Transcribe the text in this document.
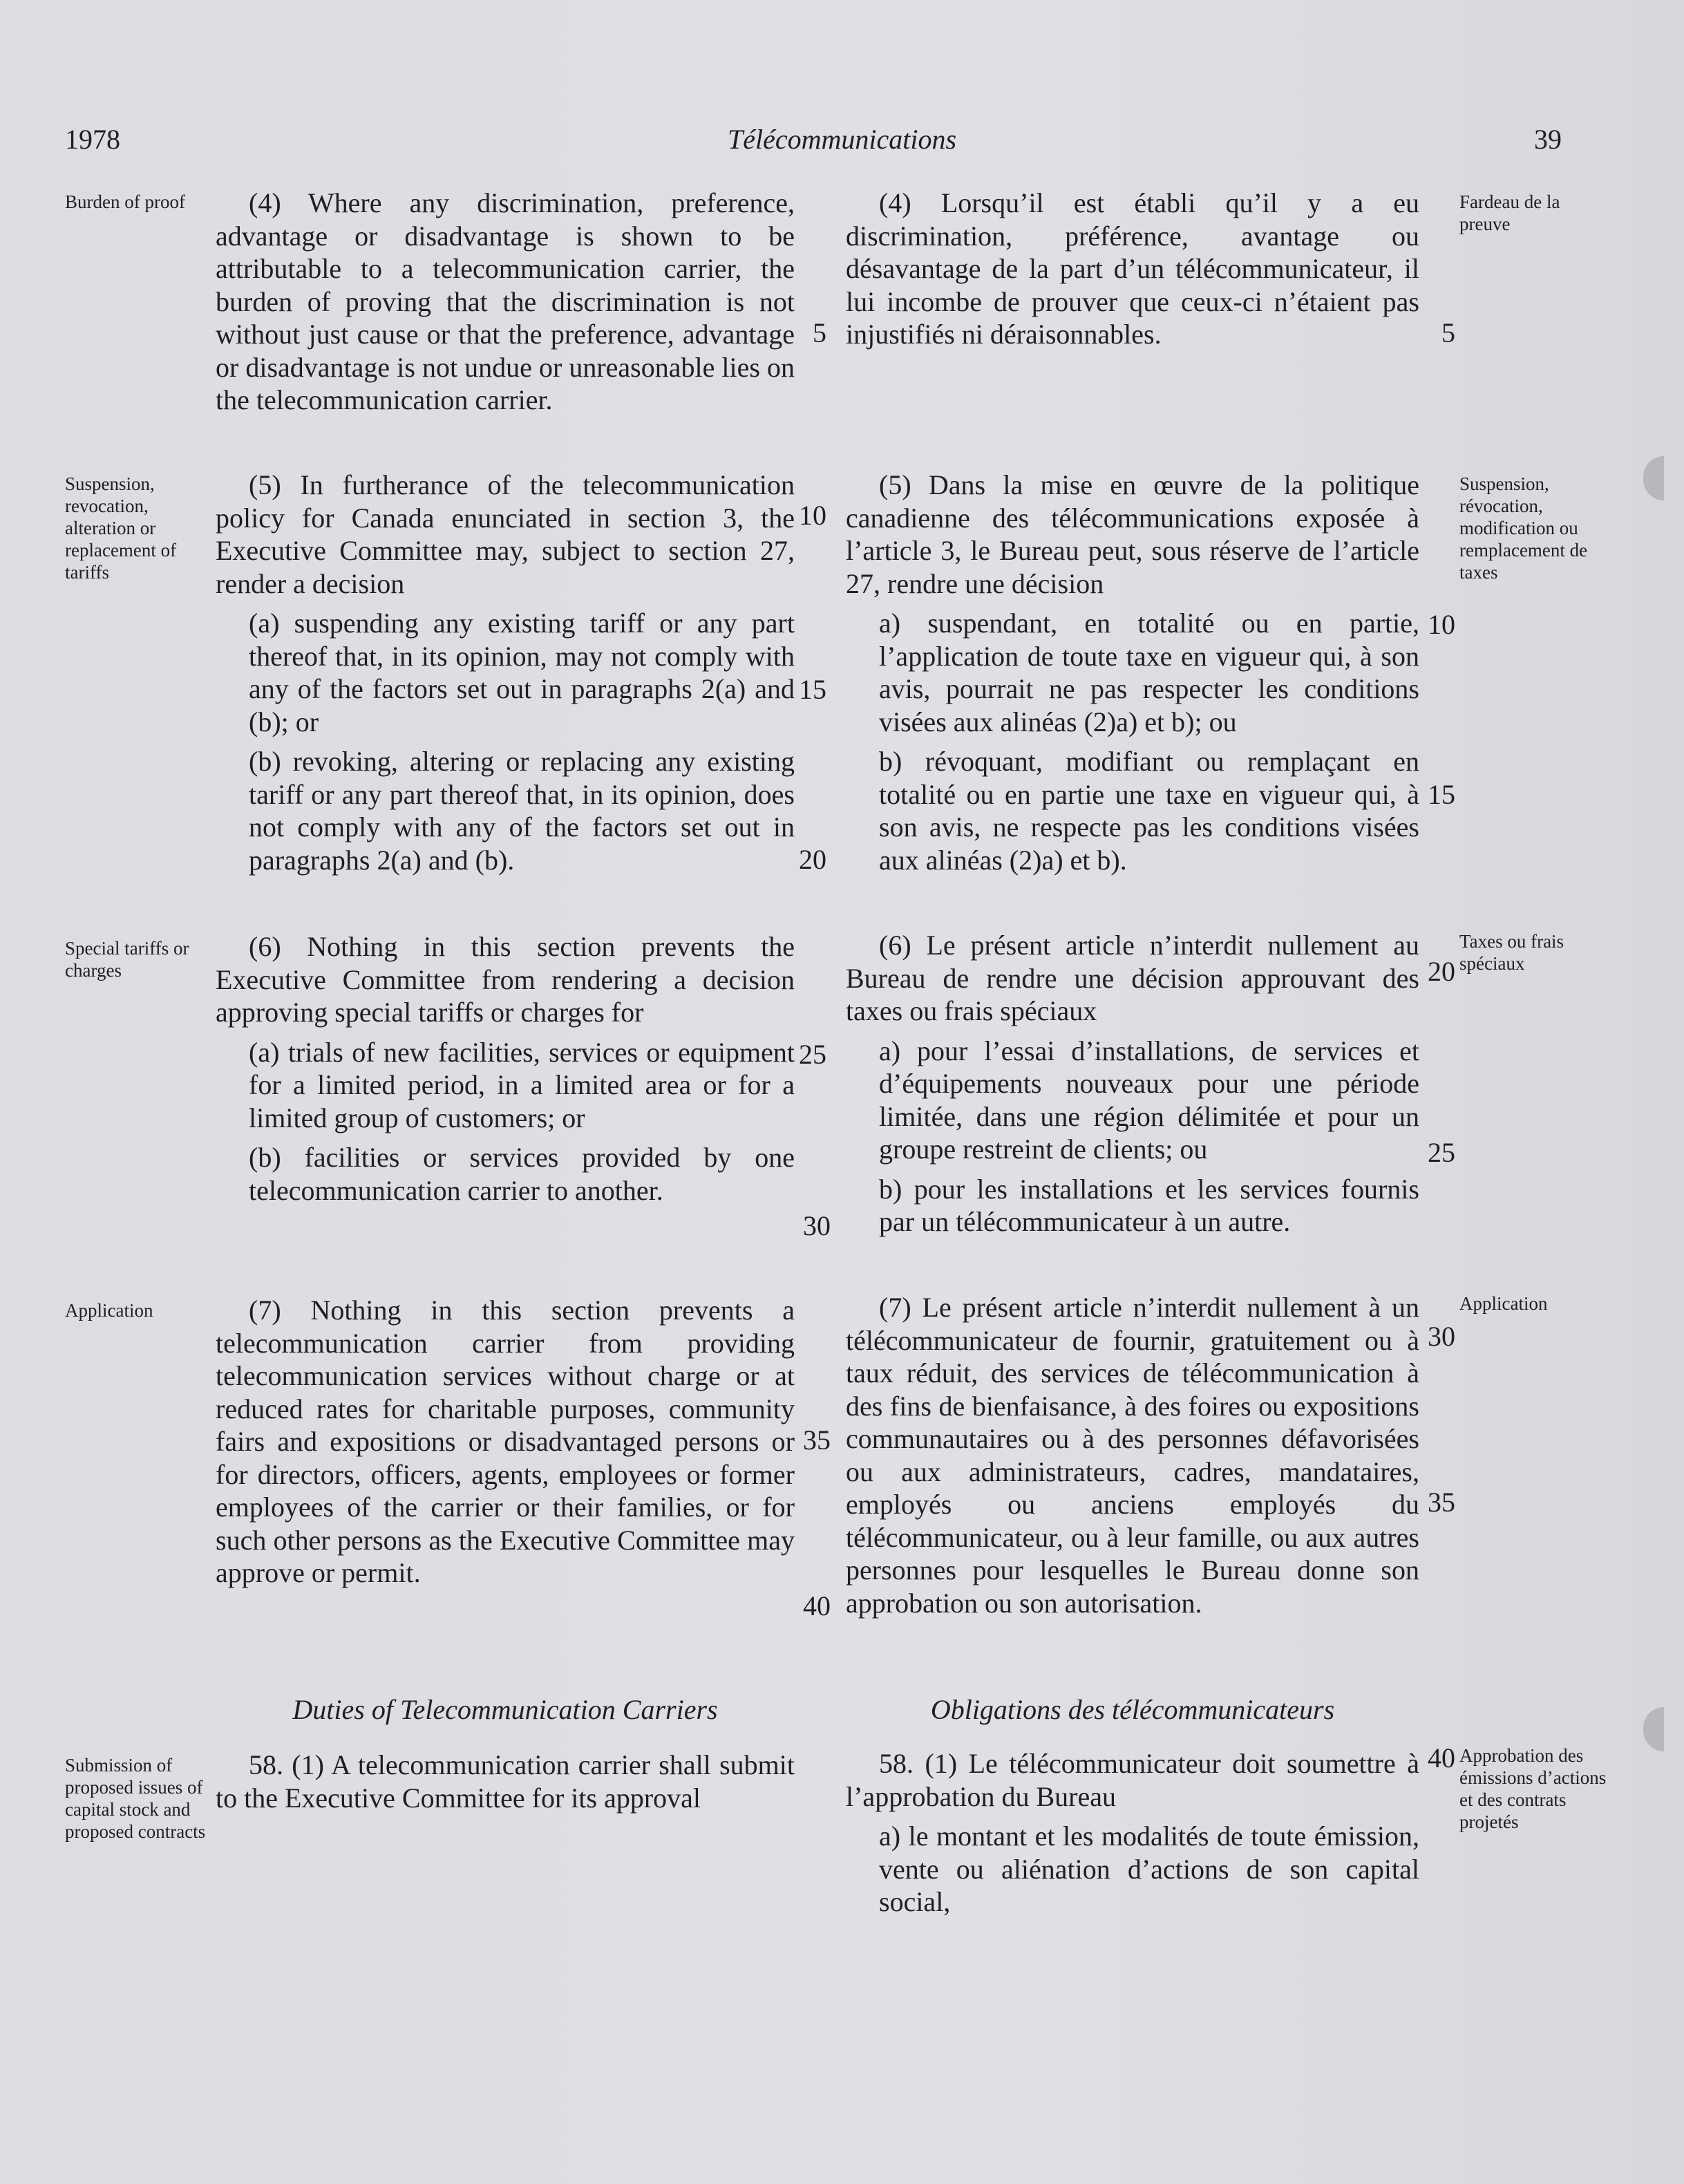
1978	Télécommunications	39
Burden of proof
Suspension, revocation, alteration or replacement of tariffs
Special tariffs or charges
Application
Submission of proposed issues of capital stock and proposed contracts
Fardeau de la preuve
Suspension, révocation, modification ou remplacement de taxes
Taxes ou frais spéciaux
Application
Approbation des émissions d’actions et des contrats projetés
5
10
15
20
25
30
35
40
5
10
15
20
25
30
35
40

(4) Where any discrimination, preference, advantage or disadvantage is shown to be attributable to a telecommunication carrier, the burden of proving that the discrimination is not without just cause or that the preference, advantage or disadvantage is not undue or unreasonable lies on the telecommunication carrier.

(5) In furtherance of the telecommunication policy for Canada enunciated in section 3, the Executive Committee may, subject to section 27, render a decision

(a) suspending any existing tariff or any part thereof that, in its opinion, may not comply with any of the factors set out in paragraphs 2(a) and (b); or

(b) revoking, altering or replacing any existing tariff or any part thereof that, in its opinion, does not comply with any of the factors set out in paragraphs 2(a) and (b).

(6) Nothing in this section prevents the Executive Committee from rendering a decision approving special tariffs or charges for

(a) trials of new facilities, services or equipment for a limited period, in a limited area or for a limited group of customers; or

(b) facilities or services provided by one telecommunication carrier to another.

(7) Nothing in this section prevents a telecommunication carrier from providing telecommunication services without charge or at reduced rates for charitable purposes, community fairs and expositions or disadvantaged persons or for directors, officers, agents, employees or former employees of the carrier or their families, or for such other persons as the Executive Committee may approve or permit.

Duties of Telecommunication Carriers

58. (1) A telecommunication carrier shall submit to the Executive Committee for its approval

(4) Lorsqu’il est établi qu’il y a eu discrimination, préférence, avantage ou désavantage de la part d’un télécommunicateur, il lui incombe de prouver que ceux-ci n’étaient pas injustifiés ni déraisonnables.

(5) Dans la mise en œuvre de la politique canadienne des télécommunications exposée à l’article 3, le Bureau peut, sous réserve de l’article 27, rendre une décision

a) suspendant, en totalité ou en partie, l’application de toute taxe en vigueur qui, à son avis, pourrait ne pas respecter les conditions visées aux alinéas (2)a) et b); ou

b) révoquant, modifiant ou remplaçant en totalité ou en partie une taxe en vigueur qui, à son avis, ne respecte pas les conditions visées aux alinéas (2)a) et b).

(6) Le présent article n’interdit nullement au Bureau de rendre une décision approuvant des taxes ou frais spéciaux

a) pour l’essai d’installations, de services et d’équipements nouveaux pour une période limitée, dans une région délimitée et pour un groupe restreint de clients; ou

b) pour les installations et les services fournis par un télécommunicateur à un autre.

(7) Le présent article n’interdit nullement à un télécommunicateur de fournir, gratuitement ou à taux réduit, des services de télécommunication à des fins de bienfaisance, à des foires ou expositions communautaires ou à des personnes défavorisées ou aux administrateurs, cadres, mandataires, employés ou anciens employés du télécommunicateur, ou à leur famille, ou aux autres personnes pour lesquelles le Bureau donne son approbation ou son autorisation.

Obligations des télécommunicateurs

58. (1) Le télécommunicateur doit soumettre à l’approbation du Bureau

a) le montant et les modalités de toute émission, vente ou aliénation d’actions de son capital social,
